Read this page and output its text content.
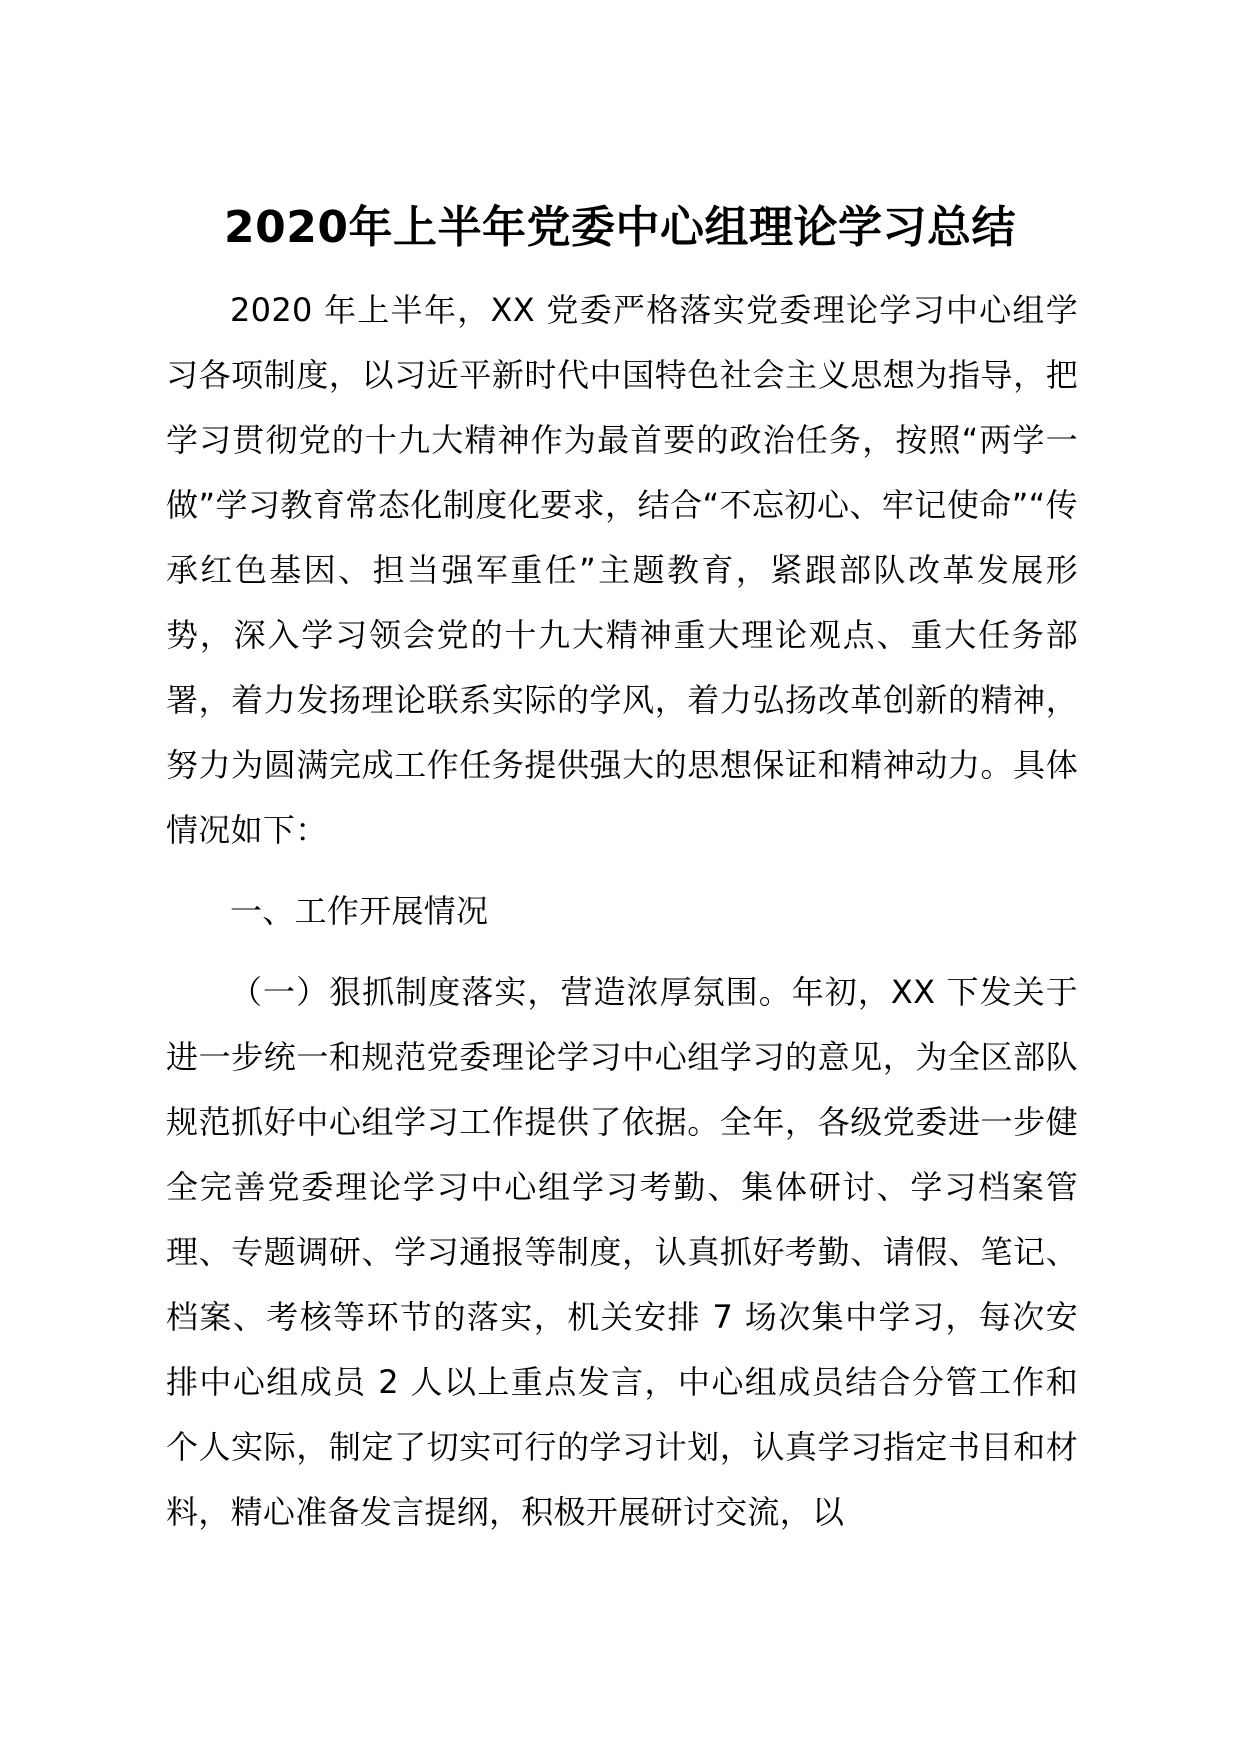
2020年上半年党委中心组理论学习总结

2020 年上半年，XX 党委严格落实党委理论学习中心组学习各项制度，以习近平新时代中国特色社会主义思想为指导，把学习贯彻党的十九大精神作为最首要的政治任务，按照“两学一做”学习教育常态化制度化要求，结合“不忘初心、牢记使命”“传承红色基因、担当强军重任”主题教育，紧跟部队改革发展形势，深入学习领会党的十九大精神重大理论观点、重大任务部署，着力发扬理论联系实际的学风，着力弘扬改革创新的精神，努力为圆满完成工作任务提供强大的思想保证和精神动力。具体情况如下：

一、工作开展情况

（一）狠抓制度落实，营造浓厚氛围。年初，XX 下发关于进一步统一和规范党委理论学习中心组学习的意见，为全区部队规范抓好中心组学习工作提供了依据。全年，各级党委进一步健全完善党委理论学习中心组学习考勤、集体研讨、学习档案管理、专题调研、学习通报等制度，认真抓好考勤、请假、笔记、档案、考核等环节的落实，机关安排 7 场次集中学习，每次安排中心组成员 2 人以上重点发言，中心组成员结合分管工作和个人实际，制定了切实可行的学习计划，认真学习指定书目和材料，精心准备发言提纲，积极开展研讨交流，以
